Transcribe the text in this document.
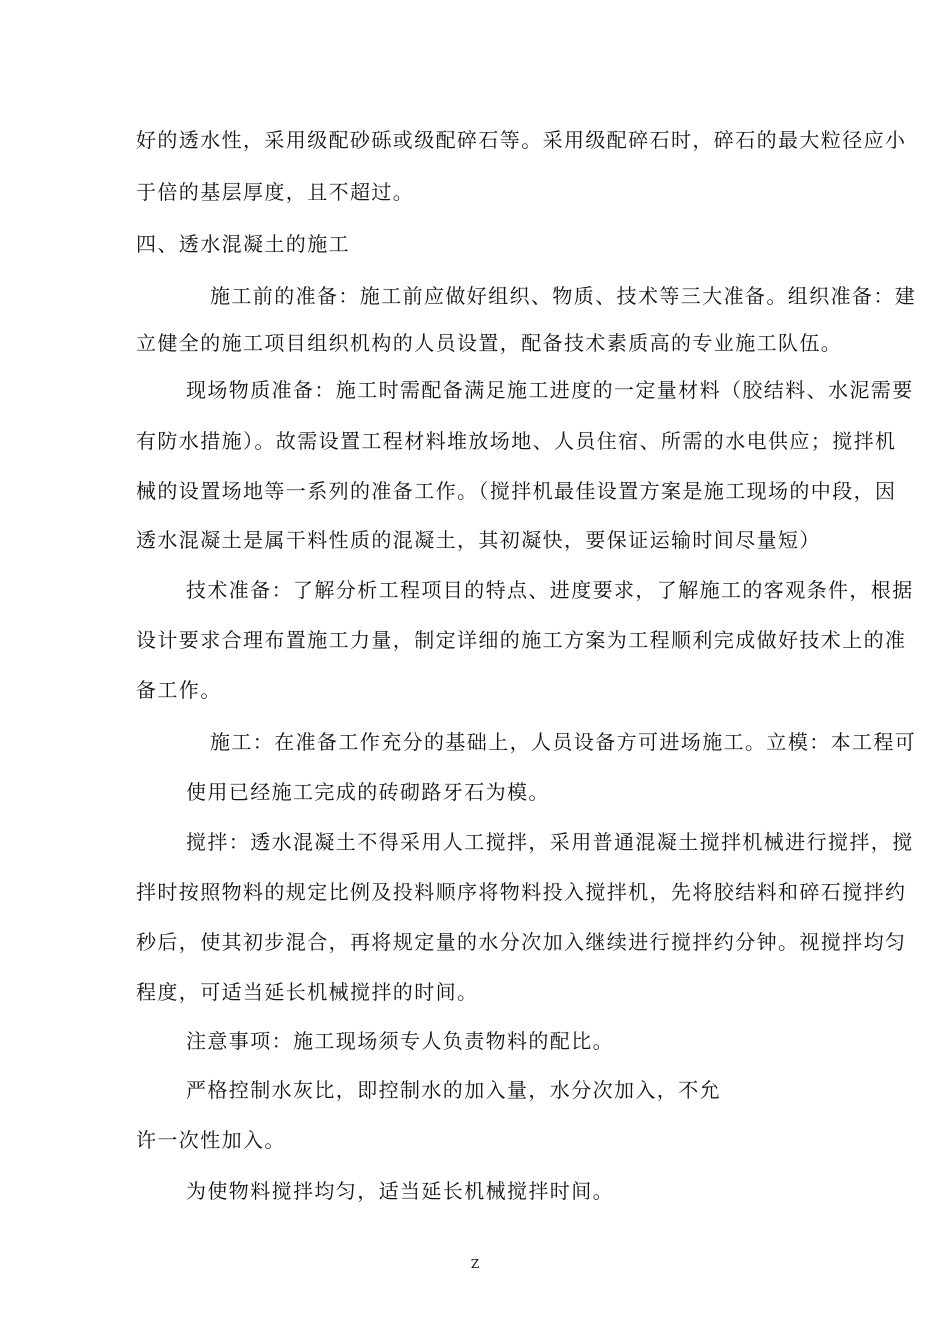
好的透水性，采用级配砂砾或级配碎石等。采用级配碎石时，碎石的最大粒径应小
于倍的基层厚度，且不超过。
四、透水混凝土的施工
施工前的准备：施工前应做好组织、物质、技术等三大准备。组织准备：建
立健全的施工项目组织机构的人员设置，配备技术素质高的专业施工队伍。
现场物质准备：施工时需配备满足施工进度的一定量材料（胶结料、水泥需要
有防水措施）。故需设置工程材料堆放场地、人员住宿、所需的水电供应；搅拌机
械的设置场地等一系列的准备工作。（搅拌机最佳设置方案是施工现场的中段，因
透水混凝土是属干料性质的混凝土，其初凝快，要保证运输时间尽量短）
技术准备：了解分析工程项目的特点、进度要求，了解施工的客观条件，根据
设计要求合理布置施工力量，制定详细的施工方案为工程顺利完成做好技术上的准
备工作。
施工：在准备工作充分的基础上，人员设备方可进场施工。立模：本工程可
使用已经施工完成的砖砌路牙石为模。
搅拌：透水混凝土不得采用人工搅拌，采用普通混凝土搅拌机械进行搅拌，搅
拌时按照物料的规定比例及投料顺序将物料投入搅拌机，先将胶结料和碎石搅拌约
秒后，使其初步混合，再将规定量的水分次加入继续进行搅拌约分钟。视搅拌均匀
程度，可适当延长机械搅拌的时间。
注意事项：施工现场须专人负责物料的配比。
严格控制水灰比，即控制水的加入量，水分次加入，不允
许一次性加入。
为使物料搅拌均匀，适当延长机械搅拌时间。
Z
